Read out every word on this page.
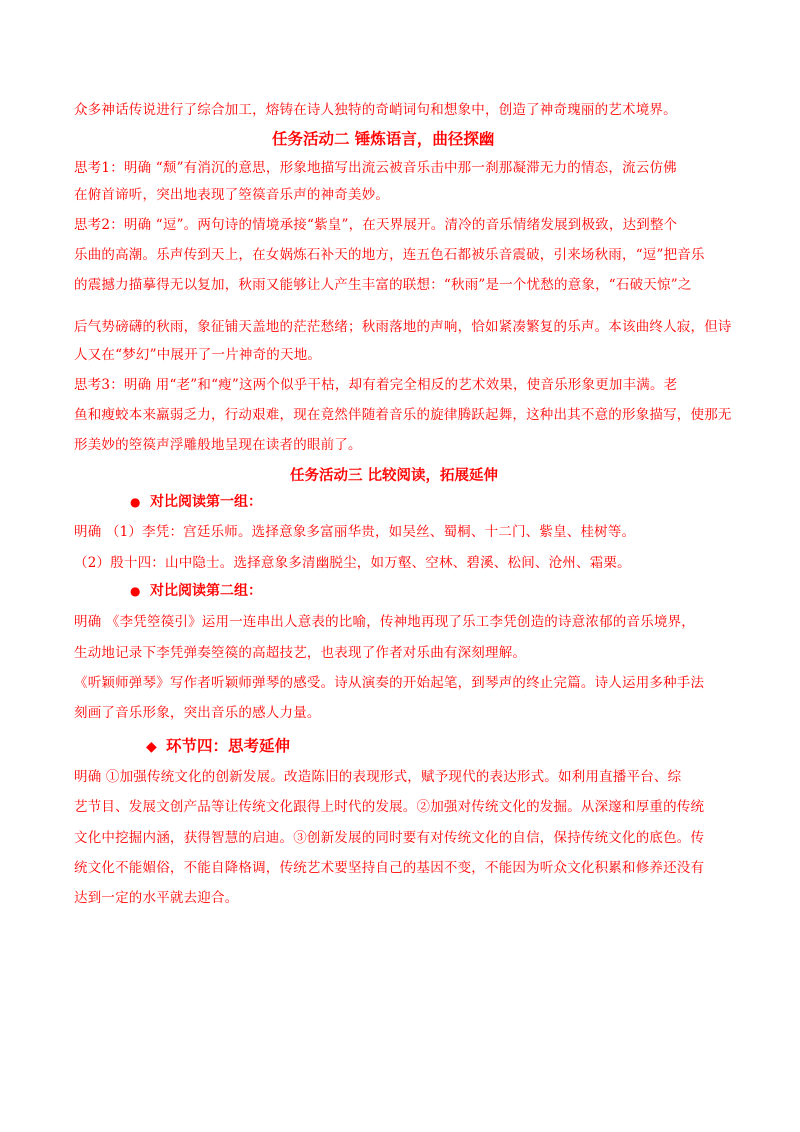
众多神话传说进行了综合加工，熔铸在诗人独特的奇峭词句和想象中，创造了神奇瑰丽的艺术境界。
任务活动二 锤炼语言，曲径探幽
思考1：明确 “颓”有消沉的意思，形象地描写出流云被音乐击中那一刹那凝滞无力的情态，流云仿佛
在俯首谛听，突出地表现了箜篌音乐声的神奇美妙。
思考2：明确 “逗”。两句诗的情境承接“紫皇”，在天界展开。清冷的音乐情绪发展到极致，达到整个
乐曲的高潮。乐声传到天上，在女娲炼石补天的地方，连五色石都被乐音震破，引来场秋雨，“逗”把音乐
的震撼力描摹得无以复加，秋雨又能够让人产生丰富的联想：“秋雨”是一个忧愁的意象，“石破天惊”之
后气势磅礴的秋雨，象征铺天盖地的茫茫愁绪；秋雨落地的声响，恰如紧凑繁复的乐声。本该曲终人寂，但诗
人又在“梦幻”中展开了一片神奇的天地。
思考3：明确 用“老”和“瘦”这两个似乎干枯，却有着完全相反的艺术效果，使音乐形象更加丰满。老
鱼和瘦蛟本来羸弱乏力，行动艰难，现在竟然伴随着音乐的旋律腾跃起舞，这种出其不意的形象描写，使那无
形美妙的箜篌声浮雕般地呈现在读者的眼前了。
任务活动三 比较阅读，拓展延伸
● 对比阅读第一组：
明确 （1）李凭：宫廷乐师。选择意象多富丽华贵，如吴丝、蜀桐、十二门、紫皇、桂树等。
（2）殷十四：山中隐士。选择意象多清幽脱尘，如万壑、空林、碧溪、松间、沧州、霜栗。
● 对比阅读第二组：
明确 《李凭箜篌引》运用一连串出人意表的比喻，传神地再现了乐工李凭创造的诗意浓郁的音乐境界，
生动地记录下李凭弹奏箜篌的高超技艺，也表现了作者对乐曲有深刻理解。
《听颖师弹琴》写作者听颖师弹琴的感受。诗从演奏的开始起笔，到琴声的终止完篇。诗人运用多种手法
刻画了音乐形象，突出音乐的感人力量。
◆ 环节四：思考延伸
明确 ①加强传统文化的创新发展。改造陈旧的表现形式，赋予现代的表达形式。如利用直播平台、综
艺节目、发展文创产品等让传统文化跟得上时代的发展。②加强对传统文化的发掘。从深邃和厚重的传统
文化中挖掘内涵，获得智慧的启迪。③创新发展的同时要有对传统文化的自信，保持传统文化的底色。传
统文化不能媚俗，不能自降格调，传统艺术要坚持自己的基因不变，不能因为听众文化积累和修养还没有
达到一定的水平就去迎合。
